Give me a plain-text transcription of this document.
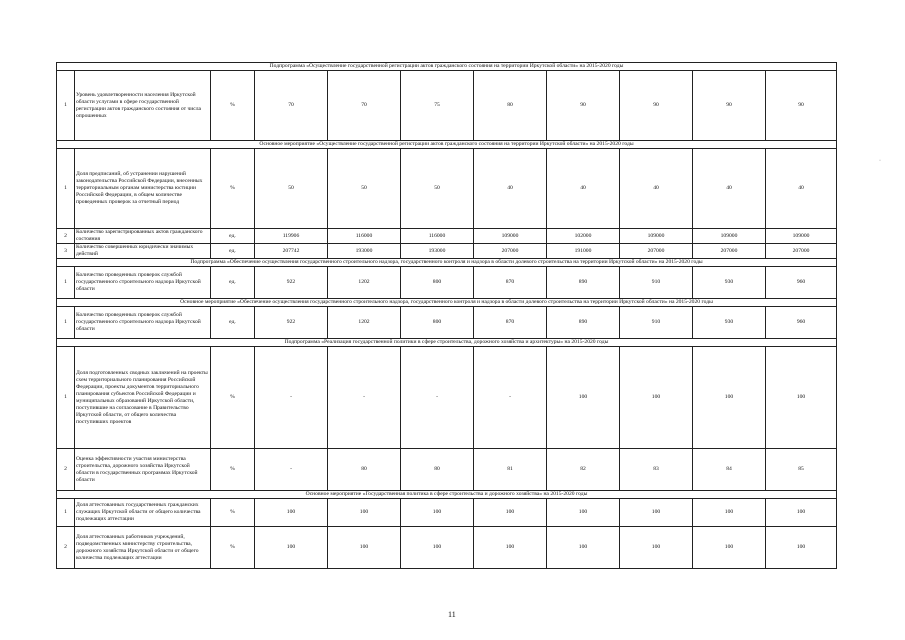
Подпрограмма «Осуществление государственной регистрации актов гражданского состояния на территории Иркутской области» на 2015-2020 годы										
1	Уровень удовлетворенности населения Иркутской области услугами в сфере государственной регистрации актов гражданского состояния от числа опрошенных	%	70	70	75	80	90	90	90	90
Основное мероприятие «Осуществление государственной регистрации актов гражданского состояния на территории Иркутской области» на 2015-2020 годы										
1	Доля предписаний, об устранении нарушений законодательства Российской Федерации, внесенных территориальным органам министерства юстиции Российской Федерации, в общем количестве проведенных проверок за отчетный период	%	50	50	50	40	40	40	40	40
2	Количество зарегистрированных актов гражданского состояния	ед.	119906	116000	116000	109000	102000	109000	109000	109000
3	Количество совершенных юридически значимых действий	ед.	207742	193000	193000	207000	191000	207000	207000	207000
Подпрограмма «Обеспечение осуществления государственного строительного надзора, государственного контроля и надзора в области долевого строительства на территории Иркутской области» на 2015-2020 годы										
1	Количество проведенных проверок службой государственного строительного надзора Иркутской области	ед.	922	1202	800	870	890	910	930	960
Основное мероприятие «Обеспечение осуществления государственного строительного надзора, государственного контроля и надзора в области долевого строительства на территории Иркутской области» на 2015-2020 годы										
1	Количество проведенных проверок службой государственного строительного надзора Иркутской области	ед.	922	1202	800	870	890	910	930	960
Подпрограмма «Реализация государственной политики в сфере строительства, дорожного хозяйства и архитектуры» на 2015-2020 годы										
1	Доля подготовленных сводных заключений на проекты схем территориального планирования Российской Федерации, проекты документов территориального планирования субъектов Российской Федерации и муниципальных образований Иркутской области, поступившие на согласование в Правительство Иркутской области, от общего количества поступивших проектов	%	-	-	-	-	100	100	100	100
2	Оценка эффективности участия министерства строительства, дорожного хозяйства Иркутской области в государственных программах Иркутской области	%	-	80	80	81	82	83	84	85
Основное мероприятие «Государственная политика в сфере строительства и дорожного хозяйства» на 2015-2020 годы										
1	Доля аттестованных государственных гражданских служащих Иркутской области от общего количества подлежащих аттестации	%	100	100	100	100	100	100	100	100
2	Доля аттестованных работников учреждений, подведомственных министерству строительства, дорожного хозяйства Иркутской области от общего количества подлежащих аттестации	%	100	100	100	100	100	100	100	100
11
·
